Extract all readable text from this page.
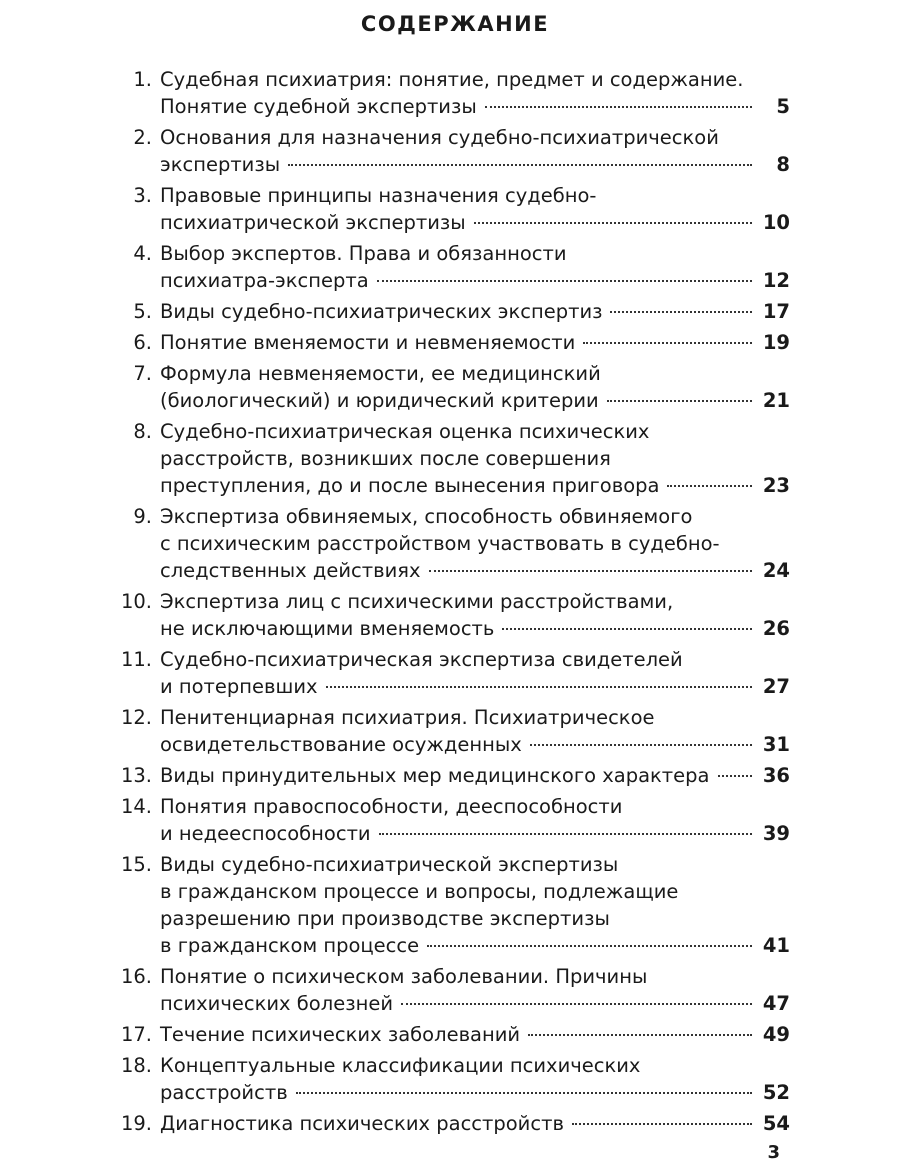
СОДЕРЖАНИЕ
1. Судебная психиатрия: понятие, предмет и содержание.
Понятие судебной экспертизы	5
2. Основания для назначения судебно-психиатрической
экспертизы	8
3. Правовые принципы назначения судебно-
психиатрической экспертизы	10
4. Выбор экспертов. Права и обязанности
психиатра-эксперта	12
5. Виды судебно-психиатрических экспертиз	17
6. Понятие вменяемости и невменяемости	19
7. Формула невменяемости, ее медицинский
(биологический) и юридический критерии	21
8. Судебно-психиатрическая оценка психических
расстройств, возникших после совершения
преступления, до и после вынесения приговора	23
9. Экспертиза обвиняемых, способность обвиняемого
с психическим расстройством участвовать в судебно-
следственных действиях	24
10. Экспертиза лиц с психическими расстройствами,
не исключающими вменяемость	26
11. Судебно-психиатрическая экспертиза свидетелей
и потерпевших	27
12. Пенитенциарная психиатрия. Психиатрическое
освидетельствование осужденных	31
13. Виды принудительных мер медицинского характера	36
14. Понятия правоспособности, дееспособности
и недееспособности	39
15. Виды судебно-психиатрической экспертизы
в гражданском процессе и вопросы, подлежащие
разрешению при производстве экспертизы
в гражданском процессе	41
16. Понятие о психическом заболевании. Причины
психических болезней	47
17. Течение психических заболеваний	49
18. Концептуальные классификации психических
расстройств	52
19. Диагностика психических расстройств	54
3
